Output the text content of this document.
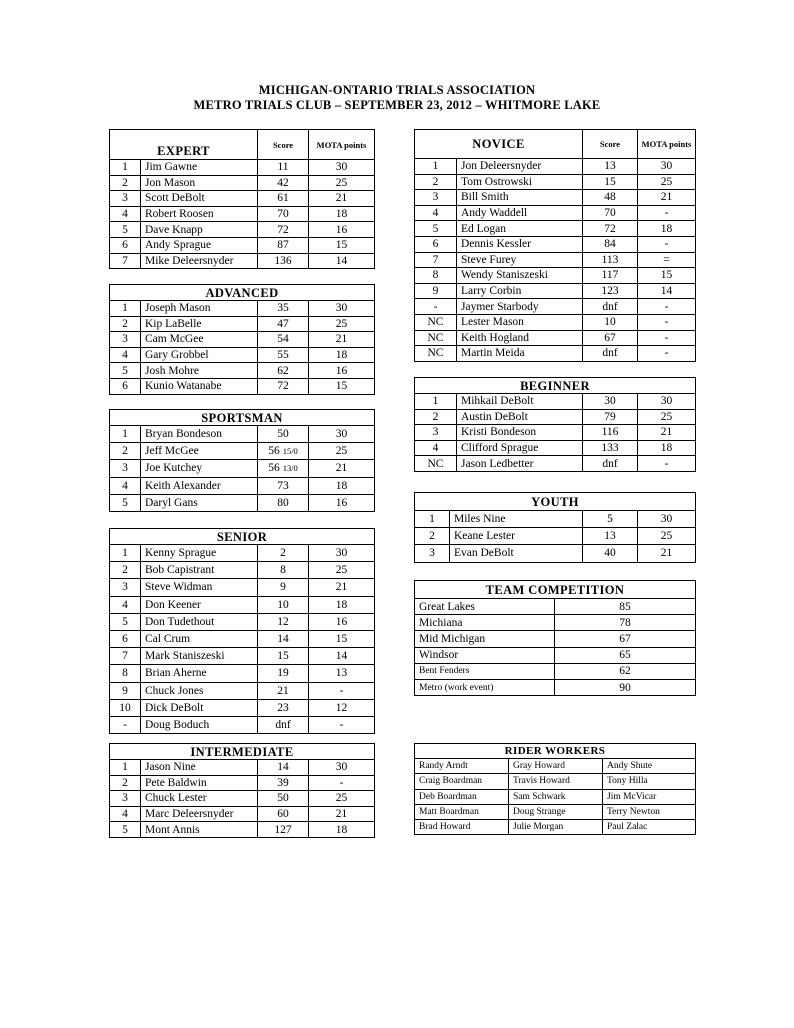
MICHIGAN-ONTARIO TRIALS ASSOCIATION
METRO TRIALS CLUB – SEPTEMBER 23, 2012 – WHITMORE LAKE
EXPERT		Score	MOTA points
1	Jim Gawne	11	30
2	Jon Mason	42	25
3	Scott DeBolt	61	21
4	Robert Roosen	70	18
5	Dave Knapp	72	16
6	Andy Sprague	87	15
7	Mike Deleersnyder	136	14
ADVANCED			
1	Joseph Mason	35	30
2	Kip LaBelle	47	25
3	Cam McGee	54	21
4	Gary Grobbel	55	18
5	Josh Mohre	62	16
6	Kunio Watanabe	72	15
SPORTSMAN			
1	Bryan Bondeson	50	30
2	Jeff McGee	56 15/0	25
3	Joe Kutchey	56 13/0	21
4	Keith Alexander	73	18
5	Daryl Gans	80	16
SENIOR			
1	Kenny Sprague	2	30
2	Bob Capistrant	8	25
3	Steve Widman	9	21
4	Don Keener	10	18
5	Don Tudethout	12	16
6	Cal Crum	14	15
7	Mark Staniszeski	15	14
8	Brian Aherne	19	13
9	Chuck Jones	21	-
10	Dick DeBolt	23	12
-	Doug Boduch	dnf	-
INTERMEDIATE			
1	Jason Nine	14	30
2	Pete Baldwin	39	-
3	Chuck Lester	50	25
4	Marc Deleersnyder	60	21
5	Mont Annis	127	18
NOVICE		Score	MOTA points
1	Jon Deleersnyder	13	30
2	Tom Ostrowski	15	25
3	Bill Smith	48	21
4	Andy Waddell	70	-
5	Ed Logan	72	18
6	Dennis Kessler	84	-
7	Steve Furey	113	=
8	Wendy Staniszeski	117	15
9	Larry Corbin	123	14
-	Jaymer Starbody	dnf	-
NC	Lester Mason	10	-
NC	Keith Hogland	67	-
NC	Martin Meida	dnf	-
BEGINNER			
1	Mihkail DeBolt	30	30
2	Austin DeBolt	79	25
3	Kristi Bondeson	116	21
4	Clifford Sprague	133	18
NC	Jason Ledbetter	dnf	-
YOUTH			
1	Miles Nine	5	30
2	Keane Lester	13	25
3	Evan DeBolt	40	21
TEAM COMPETITION	
Great Lakes	85
Michiana	78
Mid Michigan	67
Windsor	65
Bent Fenders	62
Metro (work event)	90
RIDER WORKERS		
Randy Arndt	Gray Howard	Andy Shute
Craig Boardman	Travis Howard	Tony Hilla
Deb Boardman	Sam Schwark	Jim McVicar
Matt Boardman	Doug Strange	Terry Newton
Brad Howard	Julie Morgan	Paul Zalac
